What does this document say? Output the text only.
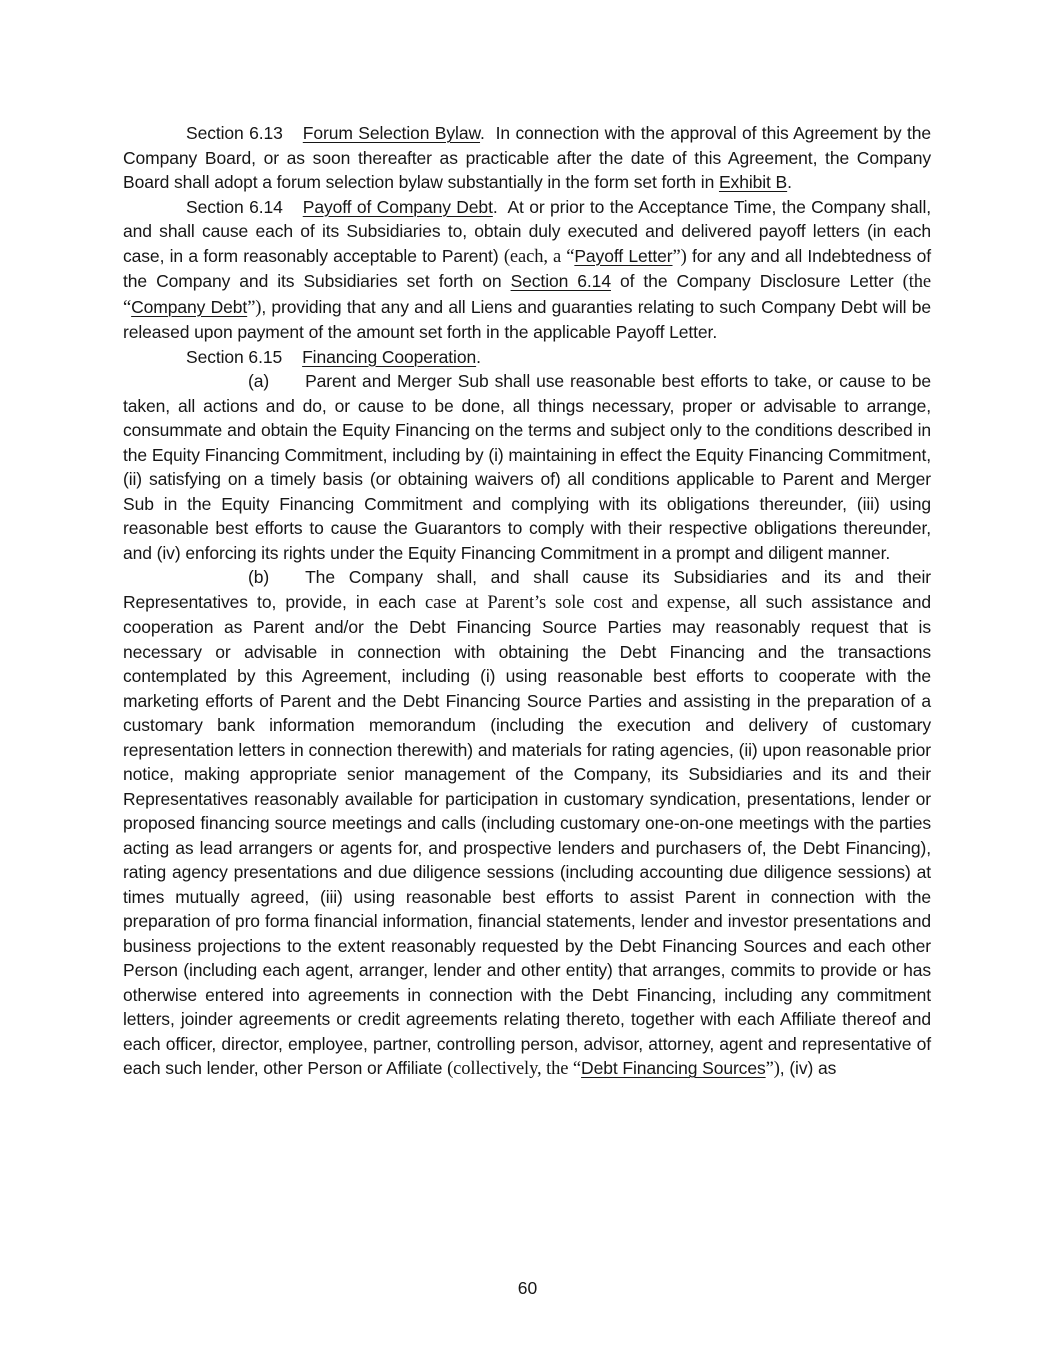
Section 6.13 Forum Selection Bylaw.  In connection with the approval of this Agreement by the Company Board, or as soon thereafter as practicable after the date of this Agreement, the Company Board shall adopt a forum selection bylaw substantially in the form set forth in Exhibit B.

Section 6.14 Payoff of Company Debt.  At or prior to the Acceptance Time, the Company shall, and shall cause each of its Subsidiaries to, obtain duly executed and delivered payoff letters (in each case, in a form reasonably acceptable to Parent) (each, a “Payoff Letter”) for any and all Indebtedness of the Company and its Subsidiaries set forth on Section 6.14 of the Company Disclosure Letter (the “Company Debt”), providing that any and all Liens and guaranties relating to such Company Debt will be released upon payment of the amount set forth in the applicable Payoff Letter.

Section 6.15 Financing Cooperation.

(a) Parent and Merger Sub shall use reasonable best efforts to take, or cause to be taken, all actions and do, or cause to be done, all things necessary, proper or advisable to arrange, consummate and obtain the Equity Financing on the terms and subject only to the conditions described in the Equity Financing Commitment, including by (i) maintaining in effect the Equity Financing Commitment, (ii) satisfying on a timely basis (or obtaining waivers of) all conditions applicable to Parent and Merger Sub in the Equity Financing Commitment and complying with its obligations thereunder, (iii) using reasonable best efforts to cause the Guarantors to comply with their respective obligations thereunder, and (iv) enforcing its rights under the Equity Financing Commitment in a prompt and diligent manner.

(b) The Company shall, and shall cause its Subsidiaries and its and their Representatives to, provide, in each case at Parent’s sole cost and expense, all such assistance and cooperation as Parent and/or the Debt Financing Source Parties may reasonably request that is necessary or advisable in connection with obtaining the Debt Financing and the transactions contemplated by this Agreement, including (i) using reasonable best efforts to cooperate with the marketing efforts of Parent and the Debt Financing Source Parties and assisting in the preparation of a customary bank information memorandum (including the execution and delivery of customary representation letters in connection therewith) and materials for rating agencies, (ii) upon reasonable prior notice, making appropriate senior management of the Company, its Subsidiaries and its and their Representatives reasonably available for participation in customary syndication, presentations, lender or proposed financing source meetings and calls (including customary one-on-one meetings with the parties acting as lead arrangers or agents for, and prospective lenders and purchasers of, the Debt Financing), rating agency presentations and due diligence sessions (including accounting due diligence sessions) at times mutually agreed, (iii) using reasonable best efforts to assist Parent in connection with the preparation of pro forma financial information, financial statements, lender and investor presentations and business projections to the extent reasonably requested by the Debt Financing Sources and each other Person (including each agent, arranger, lender and other entity) that arranges, commits to provide or has otherwise entered into agreements in connection with the Debt Financing, including any commitment letters, joinder agreements or credit agreements relating thereto, together with each Affiliate thereof and each officer, director, employee, partner, controlling person, advisor, attorney, agent and representative of each such lender, other Person or Affiliate (collectively, the “Debt Financing Sources”), (iv) as

60
